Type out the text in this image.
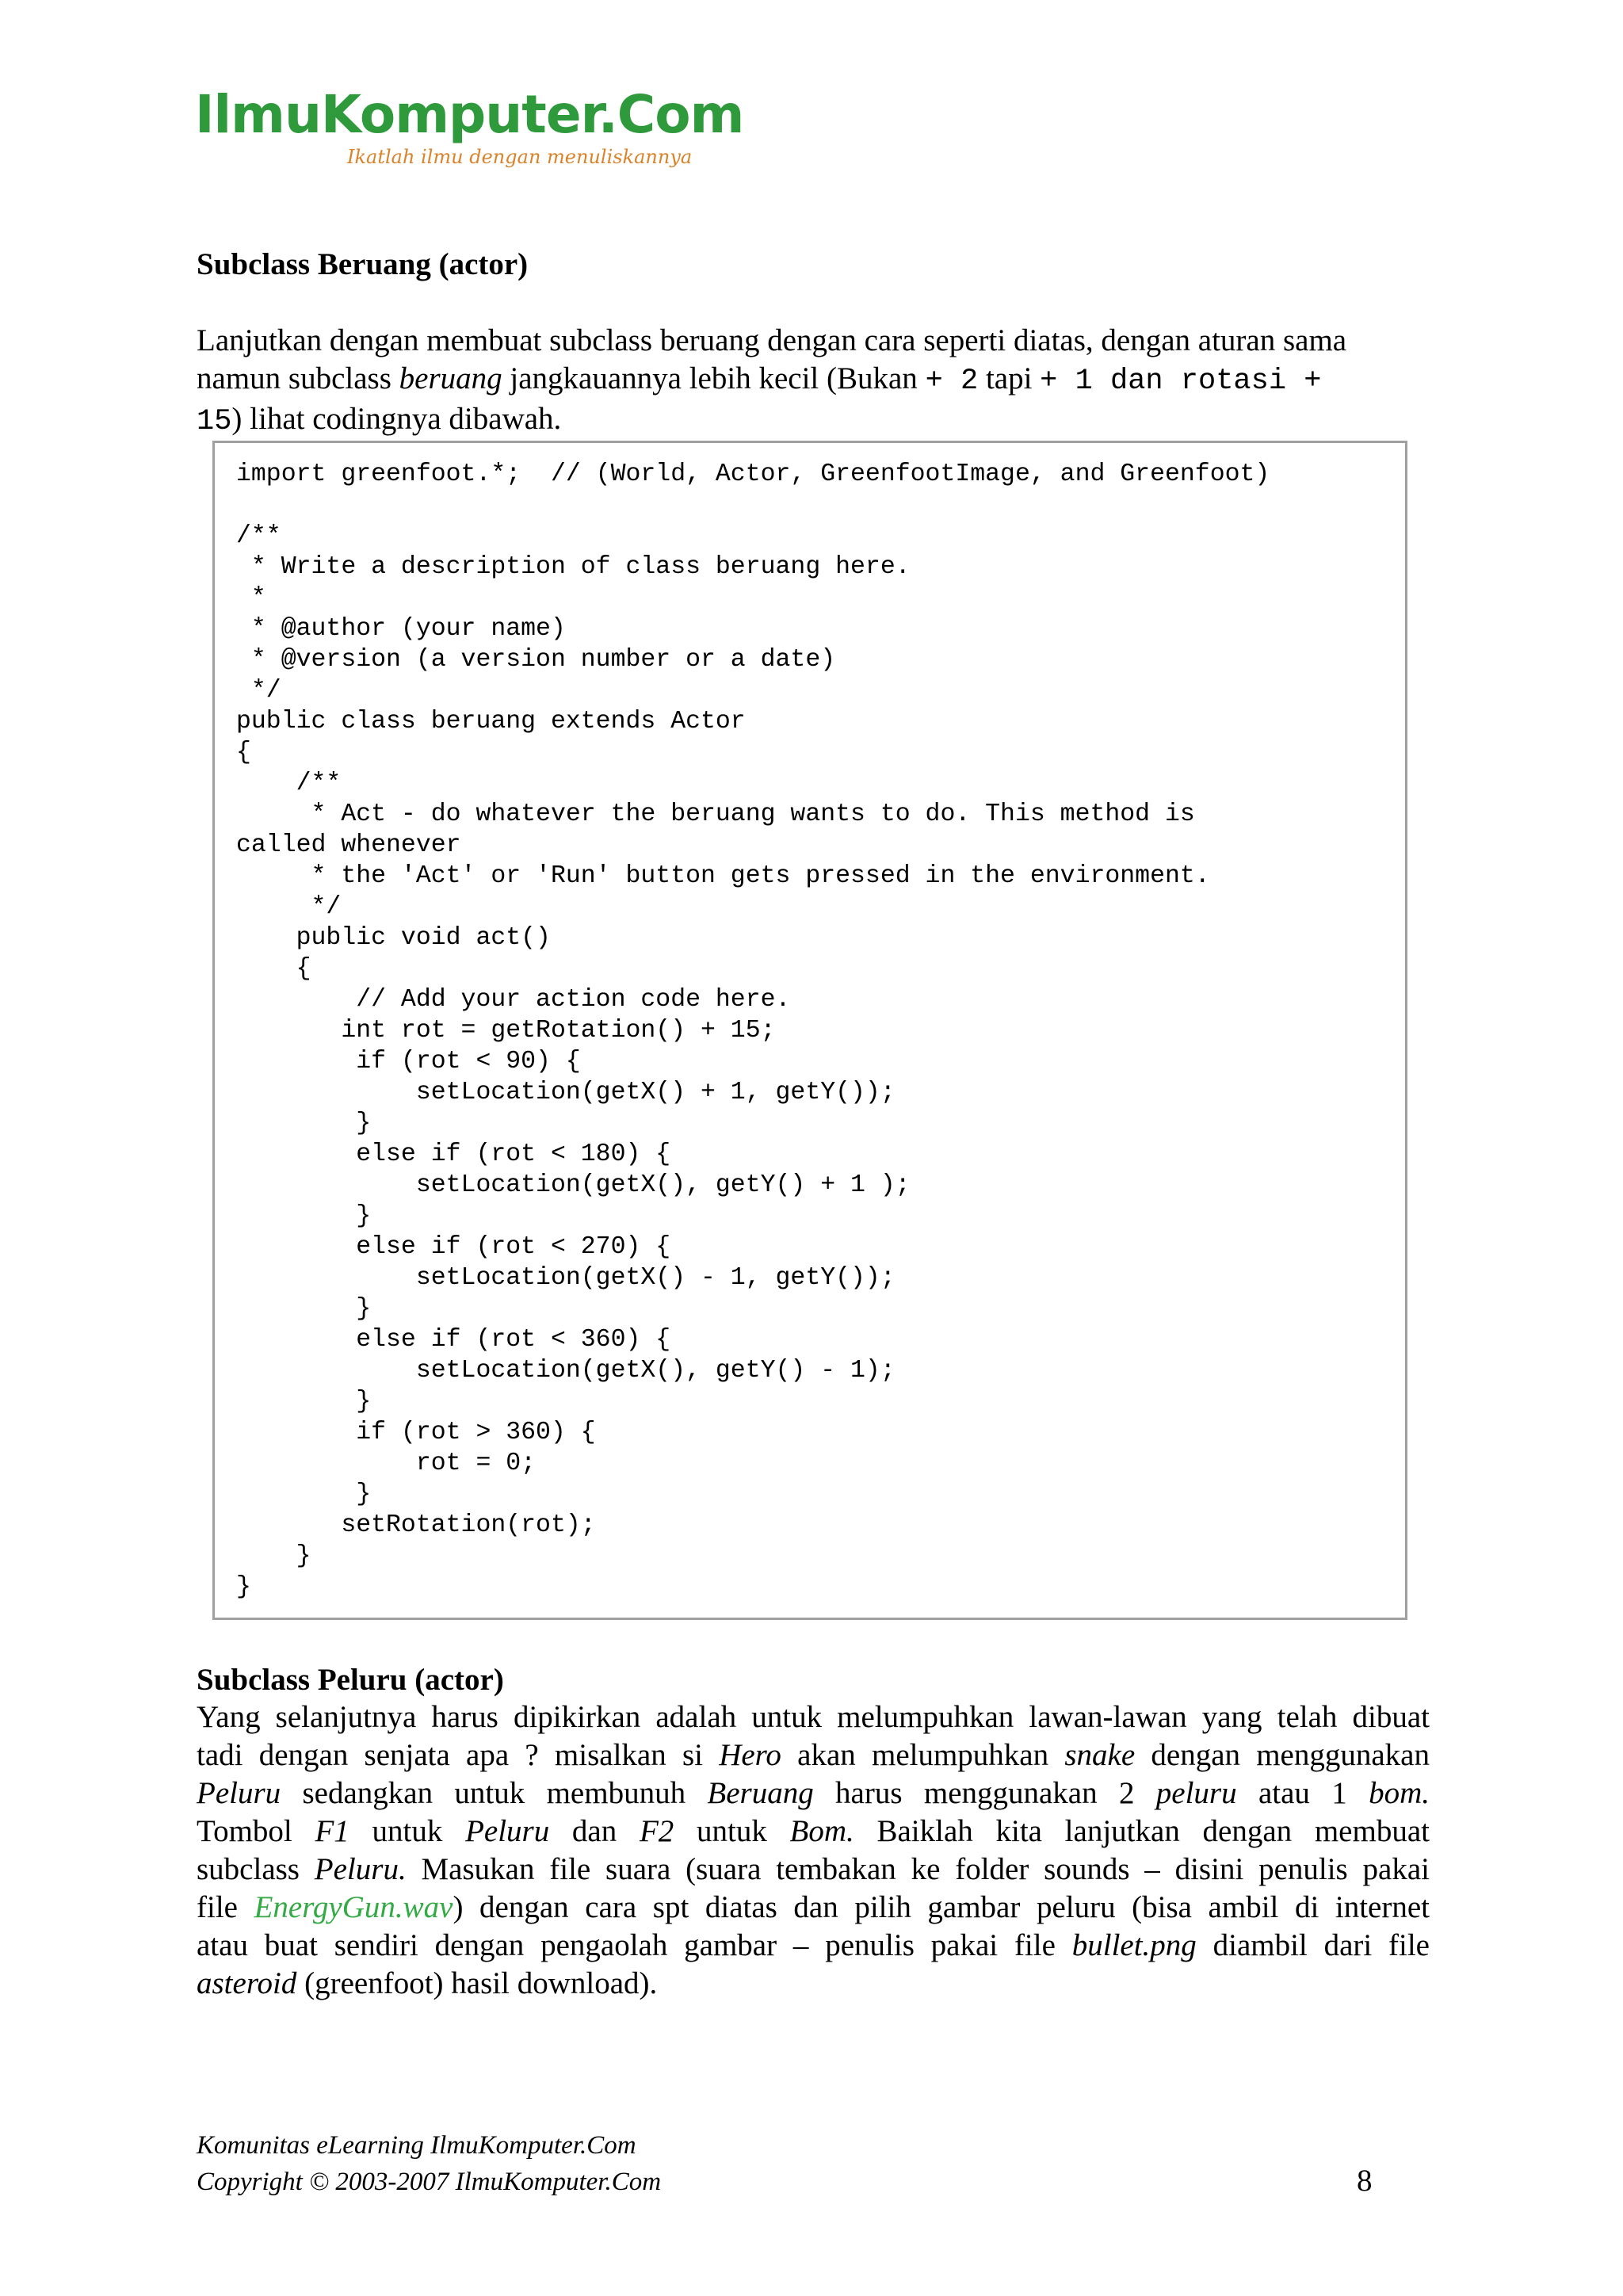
IlmuKomputer.Com
Ikatlah ilmu dengan menuliskannya
Subclass Beruang (actor)
Lanjutkan dengan membuat subclass beruang dengan cara seperti diatas, dengan aturan sama
namun subclass beruang jangkauannya lebih kecil (Bukan + 2 tapi + 1 dan rotasi +
15) lihat codingnya dibawah.
import greenfoot.*;  // (World, Actor, GreenfootImage, and Greenfoot)

/**
* Write a description of class beruang here.
*
* @author (your name)
* @version (a version number or a date)
*/
public class beruang extends Actor
{
/**
* Act - do whatever the beruang wants to do. This method is
called whenever
* the 'Act' or 'Run' button gets pressed in the environment.
*/
public void act()
{
// Add your action code here.
int rot = getRotation() + 15;
if (rot < 90) {
setLocation(getX() + 1, getY());
}
else if (rot < 180) {
setLocation(getX(), getY() + 1 );
}
else if (rot < 270) {
setLocation(getX() - 1, getY());
}
else if (rot < 360) {
setLocation(getX(), getY() - 1);
}
if (rot > 360) {
rot = 0;
}
setRotation(rot);
}
}
Subclass Peluru (actor)
Yang selanjutnya harus dipikirkan adalah untuk melumpuhkan lawan-lawan yang telah dibuat
tadi dengan senjata apa ? misalkan si Hero akan melumpuhkan snake dengan menggunakan
Peluru sedangkan untuk membunuh Beruang harus menggunakan 2 peluru atau 1 bom.
Tombol F1 untuk Peluru dan F2 untuk Bom. Baiklah kita lanjutkan dengan membuat
subclass Peluru. Masukan file suara (suara tembakan ke folder sounds – disini penulis pakai
file EnergyGun.wav) dengan cara spt diatas dan pilih gambar peluru (bisa ambil di internet
atau buat sendiri dengan pengaolah gambar – penulis pakai file bullet.png diambil dari file
asteroid (greenfoot) hasil download).
Komunitas eLearning IlmuKomputer.Com
Copyright © 2003-2007 IlmuKomputer.Com	8
